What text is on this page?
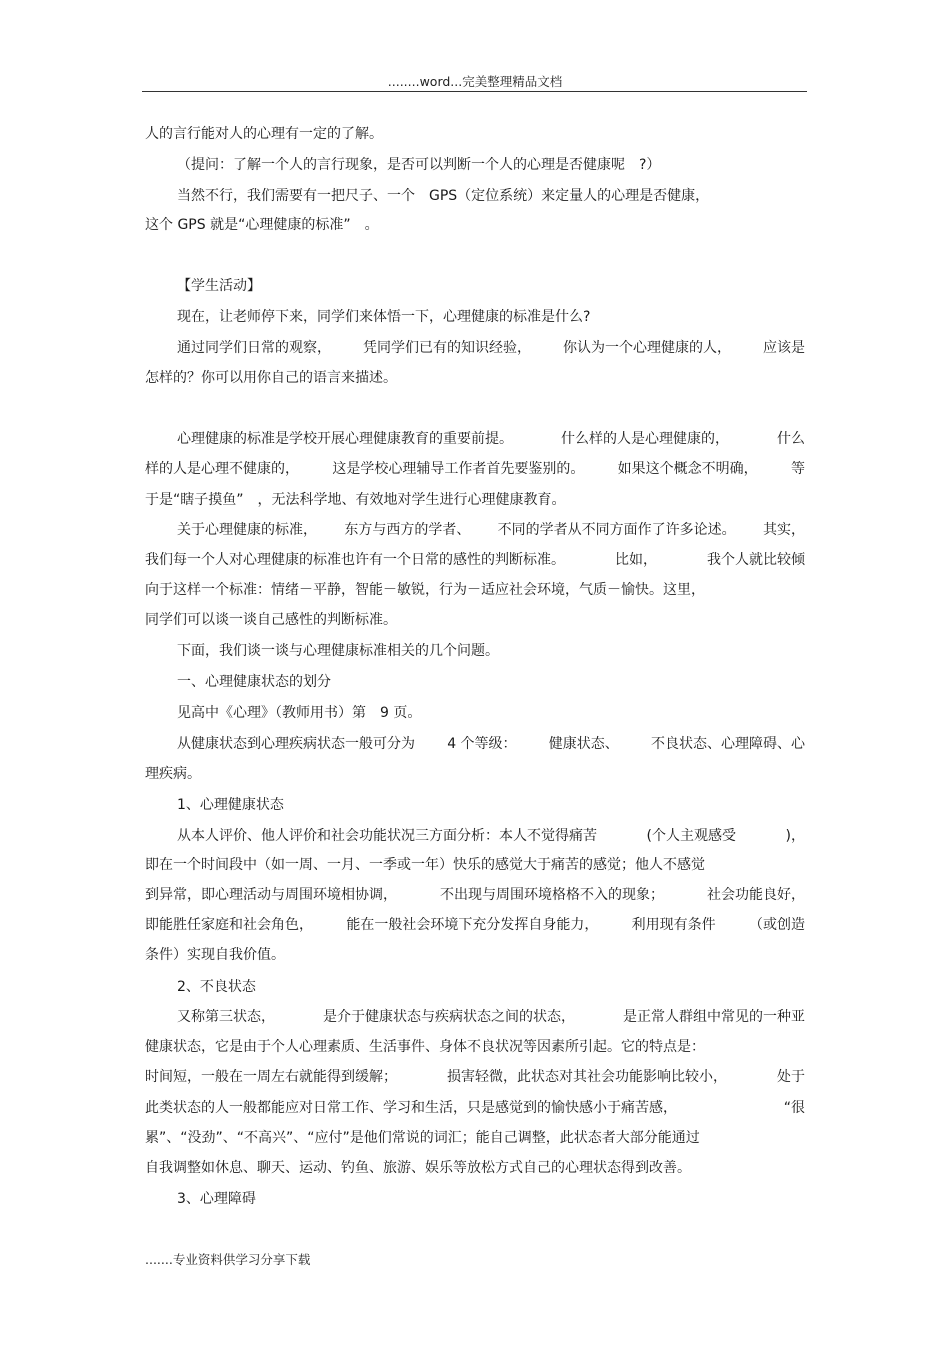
........word...完美整理精品文档
人的言行能对人的心理有一定的了解。
（提问：了解一个人的言行现象，是否可以判断一个人的心理是否健康呢 ?）
当然不行，我们需要有一把尺子、一个 GPS（定位系统）来定量人的心理是否健康，
这个 GPS 就是“心理健康的标准” 。
【学生活动】
现在，让老师停下来，同学们来体悟一下，心理健康的标准是什么?
通过同学们日常的观察， 凭同学们已有的知识经验， 你认为一个心理健康的人， 应该是
怎样的？你可以用你自己的语言来描述。
心理健康的标准是学校开展心理健康教育的重要前提。	什么样的人是心理健康的，	什么
样的人是心理不健康的， 这是学校心理辅导工作者首先要鉴别的。 如果这个概念不明确， 等
于是“瞎子摸鱼” ，无法科学地、有效地对学生进行心理健康教育。
关于心理健康的标准， 东方与西方的学者、 不同的学者从不同方面作了许多论述。 其实，
我们每一个人对心理健康的标准也许有一个日常的感性的判断标准。	比如，	我个人就比较倾
向于这样一个标准：情绪－平静，智能－敏锐，行为－适应社会环境，气质－愉快。这里，
同学们可以谈一谈自己感性的判断标准。
下面，我们谈一谈与心理健康标准相关的几个问题。
一、心理健康状态的划分
见高中《心理》（教师用书）第 9 页。
从健康状态到心理疾病状态一般可分为 4 个等级： 健康状态、 不良状态、心理障碍、心
理疾病。
1、心理健康状态
从本人评价、他人评价和社会功能状况三方面分析：本人不觉得痛苦	(个人主观感受	)，
即在一个时间段中（如一周、一月、一季或一年）快乐的感觉大于痛苦的感觉；他人不感觉
到异常，即心理活动与周围环境相协调，	不出现与周围环境格格不入的现象；	社会功能良好，
即能胜任家庭和社会角色， 能在一般社会环境下充分发挥自身能力， 利用现有条件 （或创造
条件）实现自我价值。
2、不良状态
又称第三状态，	是介于健康状态与疾病状态之间的状态，	是正常人群组中常见的一种亚
健康状态，它是由于个人心理素质、生活事件、身体不良状况等因素所引起。它的特点是：
时间短，一般在一周左右就能得到缓解；	损害轻微，此状态对其社会功能影响比较小，	处于
此类状态的人一般都能应对日常工作、学习和生活，只是感觉到的愉快感小于痛苦感，	“很
累”、“没劲”、“不高兴”、“应付”是他们常说的词汇；能自己调整，此状态者大部分能通过
自我调整如休息、聊天、运动、钓鱼、旅游、娱乐等放松方式自己的心理状态得到改善。
3、心理障碍
.......专业资料供学习分享下载
